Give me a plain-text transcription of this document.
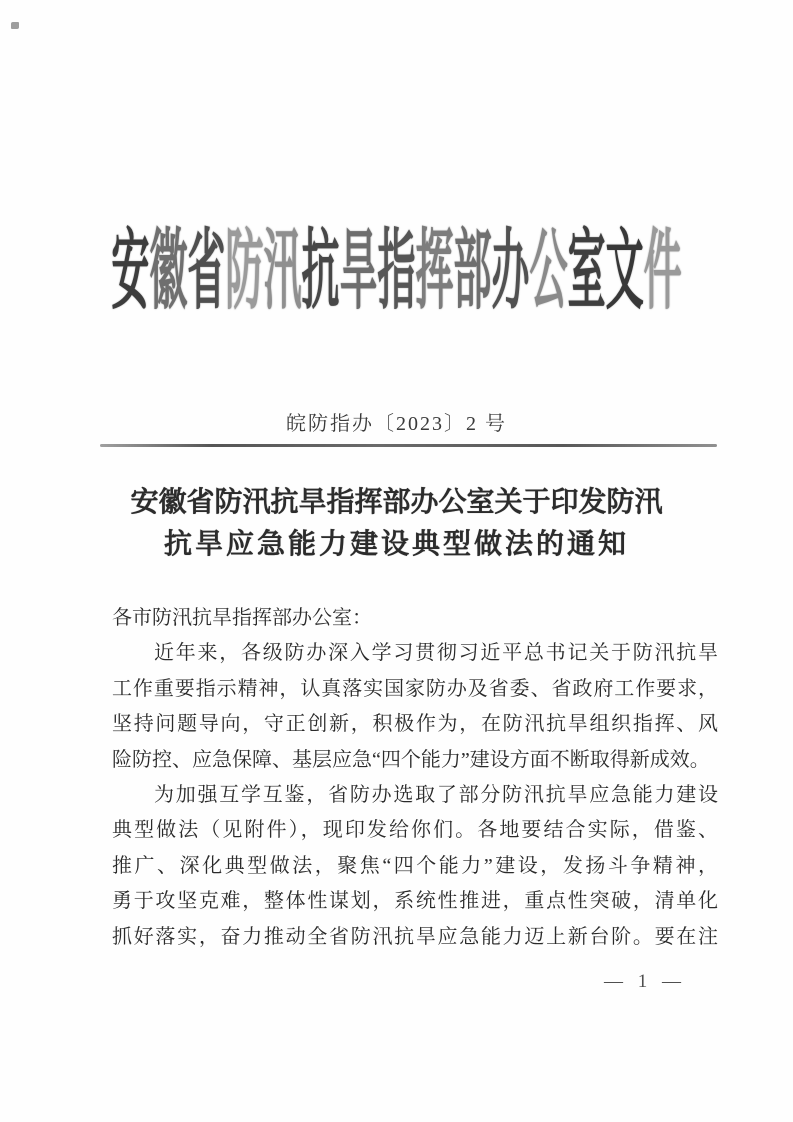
安徽省防汛抗旱指挥部办公室文件
皖防指办〔2023〕2 号
安徽省防汛抗旱指挥部办公室关于印发防汛
抗旱应急能力建设典型做法的通知
各市防汛抗旱指挥部办公室：
近年来，各级防办深入学习贯彻习近平总书记关于防汛抗旱
工作重要指示精神，认真落实国家防办及省委、省政府工作要求，
坚持问题导向，守正创新，积极作为，在防汛抗旱组织指挥、风
险防控、应急保障、基层应急“四个能力”建设方面不断取得新成效。
为加强互学互鉴，省防办选取了部分防汛抗旱应急能力建设
典型做法（见附件），现印发给你们。各地要结合实际，借鉴、
推广、深化典型做法，聚焦“四个能力”建设，发扬斗争精神，
勇于攻坚克难，整体性谋划，系统性推进，重点性突破，清单化
抓好落实，奋力推动全省防汛抗旱应急能力迈上新台阶。要在注
— 1 —
